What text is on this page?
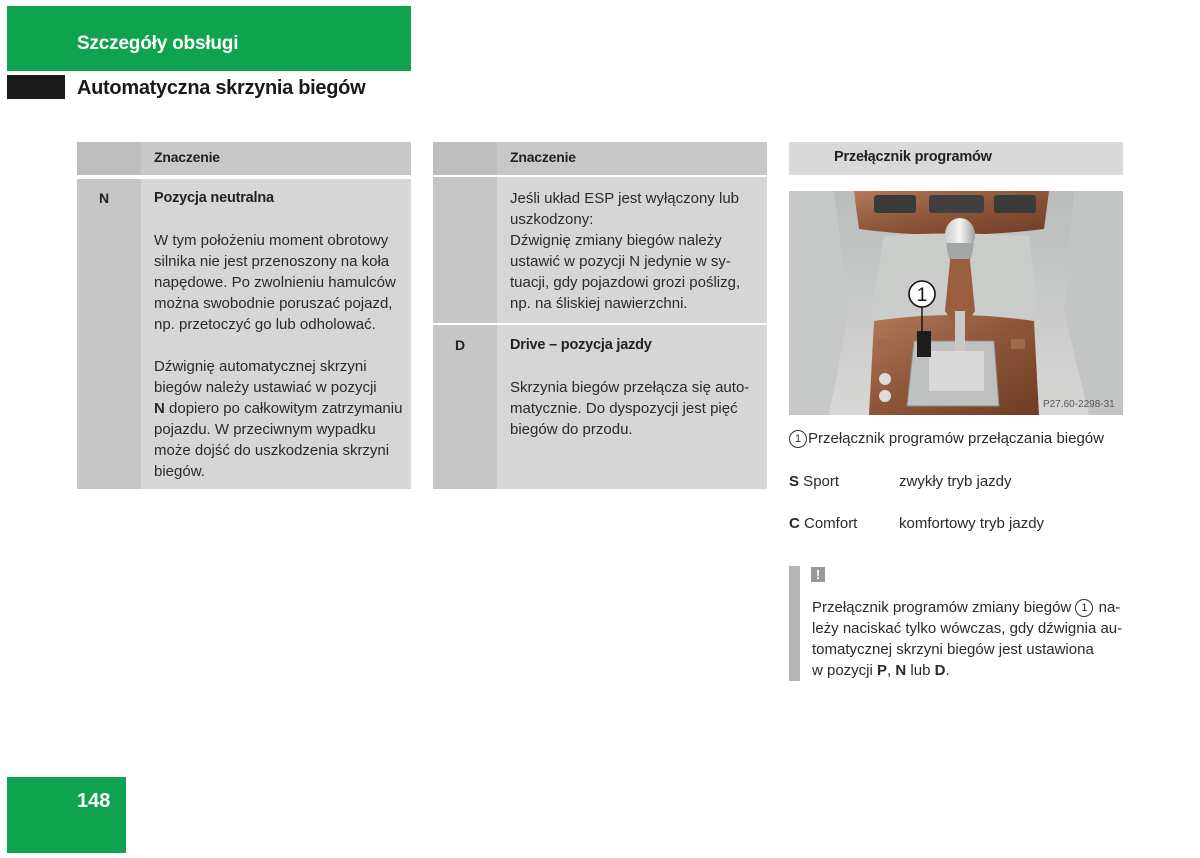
Szczegóły obsługi
Automatyczna skrzynia biegów
Znaczenie
N	Pozycja neutralna
W tym położeniu moment obrotowy
silnika nie jest przenoszony na koła
napędowe. Po zwolnieniu hamulców
można swobodnie poruszać pojazd,
np. przetoczyć go lub odholować.
Dźwignię automatycznej skrzyni
biegów należy ustawiać w pozycji
N dopiero po całkowitym zatrzymaniu
pojazdu. W przeciwnym wypadku
może dojść do uszkodzenia skrzyni
biegów.
Znaczenie
Jeśli układ ESP jest wyłączony lub
uszkodzony:
Dźwignię zmiany biegów należy
ustawić w pozycji N jedynie w sy-
tuacji, gdy pojazdowi grozi poślizg,
np. na śliskiej nawierzchni.
D	Drive – pozycja jazdy
Skrzynia biegów przełącza się auto-
matycznie. Do dyspozycji jest pięć
biegów do przodu.
Przełącznik programów
1
P27.60-2298-31
1 Przełącznik programów przełączania biegów
S Sport	zwykły tryb jazdy
C Comfort	komfortowy tryb jazdy
!
Przełącznik programów zmiany biegów 1 na-
leży naciskać tylko wówczas, gdy dźwignia au-
tomatycznej skrzyni biegów jest ustawiona
w pozycji P, N lub D.
148
